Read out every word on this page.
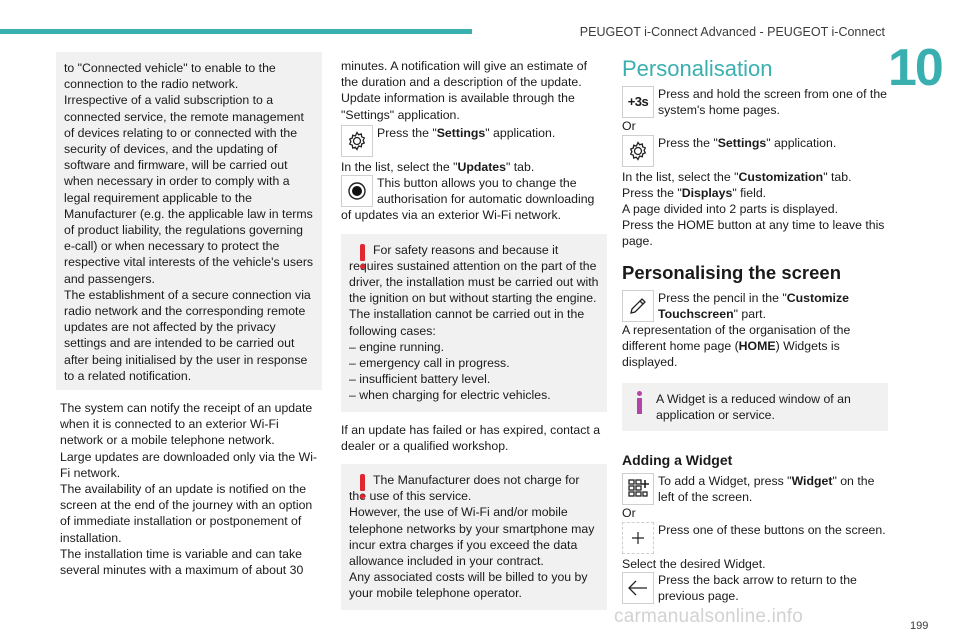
PEUGEOT i-Connect Advanced - PEUGEOT i-Connect
10
to "Connected vehicle" to enable to the connection to the radio network.
Irrespective of a valid subscription to a connected service, the remote management of devices relating to or connected with the security of devices, and the updating of software and firmware, will be carried out when necessary in order to comply with a legal requirement applicable to the Manufacturer (e.g. the applicable law in terms of product liability, the regulations governing e-call) or when necessary to protect the respective vital interests of the vehicle's users and passengers.
The establishment of a secure connection via radio network and the corresponding remote updates are not affected by the privacy settings and are intended to be carried out after being initialised by the user in response to a related notification.
The system can notify the receipt of an update when it is connected to an exterior Wi-Fi network or a mobile telephone network.
Large updates are downloaded only via the Wi-Fi network.
The availability of an update is notified on the screen at the end of the journey with an option of immediate installation or postponement of installation.
The installation time is variable and can take several minutes with a maximum of about 30
minutes. A notification will give an estimate of the duration and a description of the update.
Update information is available through the "Settings" application.
Press the "Settings" application.
In the list, select the "Updates" tab.
This button allows you to change the authorisation for automatic downloading
of updates via an exterior Wi-Fi network.
For safety reasons and because it requires sustained attention on the part of the driver, the installation must be carried out with the ignition on but without starting the engine.
The installation cannot be carried out in the following cases:
– engine running.
– emergency call in progress.
– insufficient battery level.
– when charging for electric vehicles.
If an update has failed or has expired, contact a dealer or a qualified workshop.
The Manufacturer does not charge for the use of this service.
However, the use of Wi-Fi and/or mobile telephone networks by your smartphone may incur extra charges if you exceed the data allowance included in your contract.
Any associated costs will be billed to you by your mobile telephone operator.
Personalisation
+3s Press and hold the screen from one of the system's home pages.
Or
Press the "Settings" application.
In the list, select the "Customization" tab.
Press the "Displays" field.
A page divided into 2 parts is displayed.
Press the HOME button at any time to leave this page.
Personalising the screen
Press the pencil in the "Customize Touchscreen" part.
A representation of the organisation of the different home page (HOME) Widgets is displayed.
A Widget is a reduced window of an application or service.
Adding a Widget
To add a Widget, press "Widget" on the left of the screen.
Or
Press one of these buttons on the screen.
Select the desired Widget.
Press the back arrow to return to the previous page.
carmanualsonline.info	199
